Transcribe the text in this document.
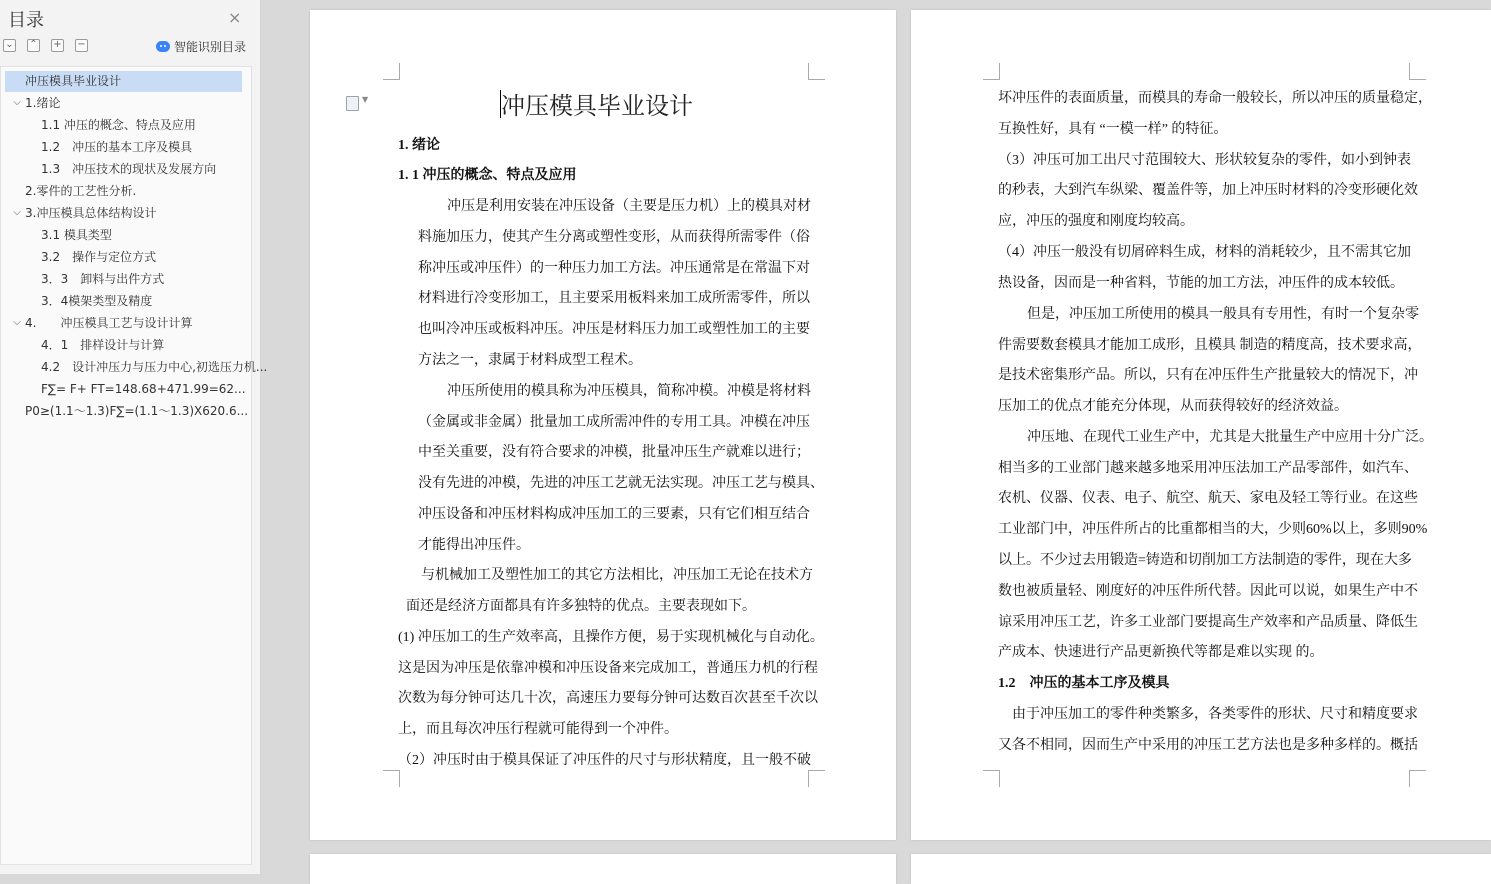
目录	×
⌄ ⌃ + −	智能识别目录
冲压模具毕业设计
1.绪论
⌵
1.1 冲压的概念、特点及应用
1.2　冲压的基本工序及模具
1.3　冲压技术的现状及发展方向
2.零件的工艺性分析.
3.冲压模具总体结构设计
⌵
3.1 模具类型
3.2　操作与定位方式
3．3　卸料与出件方式
3．4模架类型及精度
4.　　冲压模具工艺与设计计算
⌵
4．1　排样设计与计算
4.2　设计冲压力与压力中心,初选压力机...
F∑= F+ FT=148.68+471.99=62...
P0≥(1.1～1.3)F∑=(1.1～1.3)X620.6...
▼	冲压模具毕业设计
1. 绪论
1. 1 冲压的概念、特点及应用
冲压是利用安装在冲压设备（主要是压力机）上的模具对材
料施加压力，使其产生分离或塑性变形，从而获得所需零件（俗
称冲压或冲压件）的一种压力加工方法。冲压通常是在常温下对
材料进行冷变形加工，且主要采用板料来加工成所需零件，所以
也叫冷冲压或板料冲压。冲压是材料压力加工或塑性加工的主要
方法之一，隶属于材料成型工程术。
冲压所使用的模具称为冲压模具，简称冲模。冲模是将材料
（金属或非金属）批量加工成所需冲件的专用工具。冲模在冲压
中至关重要，没有符合要求的冲模，批量冲压生产就难以进行；
没有先进的冲模，先进的冲压工艺就无法实现。冲压工艺与模具、
冲压设备和冲压材料构成冲压加工的三要素，只有它们相互结合
才能得出冲压件。
与机械加工及塑性加工的其它方法相比，冲压加工无论在技术方
面还是经济方面都具有许多独特的优点。主要表现如下。
(1) 冲压加工的生产效率高，且操作方便，易于实现机械化与自动化。
这是因为冲压是依靠冲模和冲压设备来完成加工，普通压力机的行程
次数为每分钟可达几十次，高速压力要每分钟可达数百次甚至千次以
上，而且每次冲压行程就可能得到一个冲件。
（2）冲压时由于模具保证了冲压件的尺寸与形状精度，且一般不破
坏冲压件的表面质量，而模具的寿命一般较长，所以冲压的质量稳定，
互换性好，具有 “一模一样” 的特征。
（3）冲压可加工出尺寸范围较大、形状较复杂的零件，如小到钟表
的秒表，大到汽车纵梁、覆盖件等，加上冲压时材料的冷变形硬化效
应，冲压的强度和刚度均较高。
（4）冲压一般没有切屑碎料生成，材料的消耗较少，且不需其它加
热设备，因而是一种省料，节能的加工方法，冲压件的成本较低。
但是，冲压加工所使用的模具一般具有专用性，有时一个复杂零
件需要数套模具才能加工成形，且模具 制造的精度高，技术要求高，
是技术密集形产品。所以，只有在冲压件生产批量较大的情况下，冲
压加工的优点才能充分体现，从而获得较好的经济效益。
冲压地、在现代工业生产中，尤其是大批量生产中应用十分广泛。
相当多的工业部门越来越多地采用冲压法加工产品零部件，如汽车、
农机、仪器、仪表、电子、航空、航天、家电及轻工等行业。在这些
工业部门中，冲压件所占的比重都相当的大，少则60%以上，多则90%
以上。不少过去用锻造=铸造和切削加工方法制造的零件，现在大多
数也被质量轻、刚度好的冲压件所代替。因此可以说，如果生产中不
谅采用冲压工艺，许多工业部门要提高生产效率和产品质量、降低生
产成本、快速进行产品更新换代等都是难以实现 的。
1.2　冲压的基本工序及模具
由于冲压加工的零件种类繁多，各类零件的形状、尺寸和精度要求
又各不相同，因而生产中采用的冲压工艺方法也是多种多样的。概括
